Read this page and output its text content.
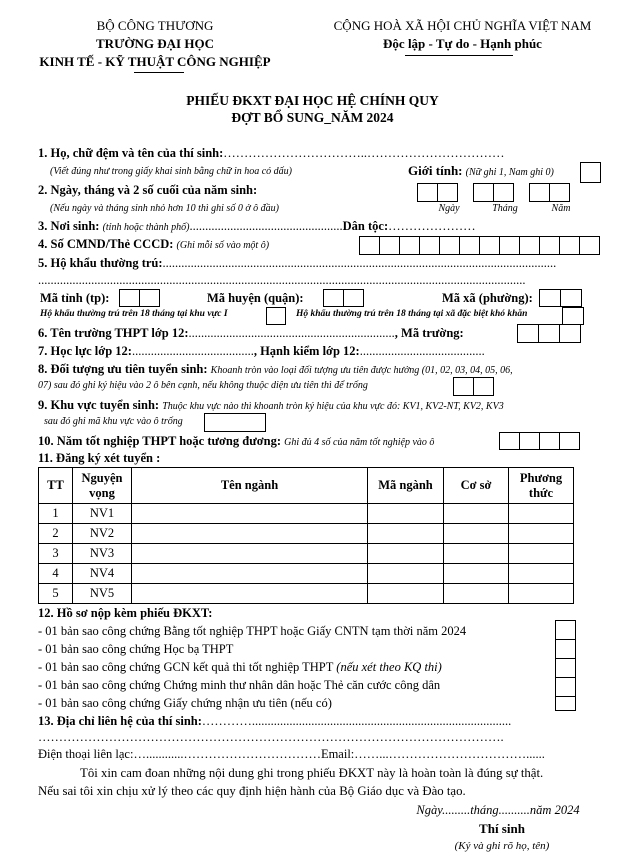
BỘ CÔNG THƯƠNG
TRƯỜNG ĐẠI HỌC
KINH TẾ - KỸ THUẬT CÔNG NGHIỆP
CỘNG HOÀ XÃ HỘI CHỦ NGHĨA VIỆT NAM
Độc lập - Tự do - Hạnh phúc
PHIẾU ĐKXT ĐẠI HỌC HỆ CHÍNH QUY
ĐỢT BỔ SUNG_NĂM 2024
1. Họ, chữ đệm và tên của thí sinh:……………………………..……………………………
(Viết đúng như trong giấy khai sinh bằng chữ in hoa có dấu)	Giới tính: (Nữ ghi 1, Nam ghi 0)
2. Ngày, tháng và 2 số cuối của năm sinh:
(Nếu ngày và tháng sinh nhỏ hơn 10 thì ghi số 0 ở ô đầu)	Ngày	Tháng	Năm
3. Nơi sinh: (tỉnh hoặc thành phố).................................................Dân tộc:…………………
4. Số CMND/Thẻ CCCD: (Ghi mỗi số vào một ô)
5. Hộ khẩu thường trú:..............................................................................................................................
............................................................................................................................................................
Mã tỉnh (tp):	Mã huyện (quận):	Mã xã (phường):
Hộ khẩu thường trú trên 18 tháng tại khu vực I	Hộ khẩu thường trú trên 18 tháng tại xã đặc biệt khó khăn
6. Tên trường THPT lớp 12:.................................................................., Mã trường:
7. Học lực lớp 12:......................................., Hạnh kiểm lớp 12:........................................
8. Đối tượng ưu tiên tuyển sinh: Khoanh tròn vào loại đối tượng ưu tiên được hưởng (01, 02, 03, 04, 05, 06,
07) sau đó ghi ký hiệu vào 2 ô bên cạnh, nếu không thuộc diện ưu tiên thì để trống
9. Khu vực tuyển sinh: Thuộc khu vực nào thì khoanh tròn ký hiệu của khu vực đó: KV1, KV2-NT, KV2, KV3
sau đó ghi mã khu vực vào ô trống
10. Năm tốt nghiệp THPT hoặc tương đương: Ghi đủ 4 số của năm tốt nghiệp vào ô
11. Đăng ký xét tuyển :
TT	Nguyện vọng	Tên ngành	Mã ngành	Cơ sở	Phương thức
1	NV1				
2	NV2				
3	NV3				
4	NV4				
5	NV5				
12. Hồ sơ nộp kèm phiếu ĐKXT:
- 01 bản sao công chứng Bằng tốt nghiệp THPT hoặc Giấy CNTN tạm thời năm 2024
- 01 bản sao công chứng Học bạ THPT
- 01 bản sao công chứng GCN kết quả thi tốt nghiệp THPT (nếu xét theo KQ thi)
- 01 bản sao công chứng Chứng minh thư nhân dân hoặc Thẻ căn cước công dân
- 01 bản sao công chứng Giấy chứng nhận ưu tiên (nếu có)
13. Địa chỉ liên hệ của thí sinh:…………...................................................................................
………………………………………………………………………………………………….
Điện thoại liên lạc:…............……………………………Email:……...……………………………......
Tôi xin cam đoan những nội dung ghi trong phiếu ĐKXT này là hoàn toàn là đúng sự thật.
Nếu sai tôi xin chịu xử lý theo các quy định hiện hành của Bộ Giáo dục và Đào tạo.
Ngày.........tháng..........năm 2024
Thí sinh
(Ký và ghi rõ họ, tên)
